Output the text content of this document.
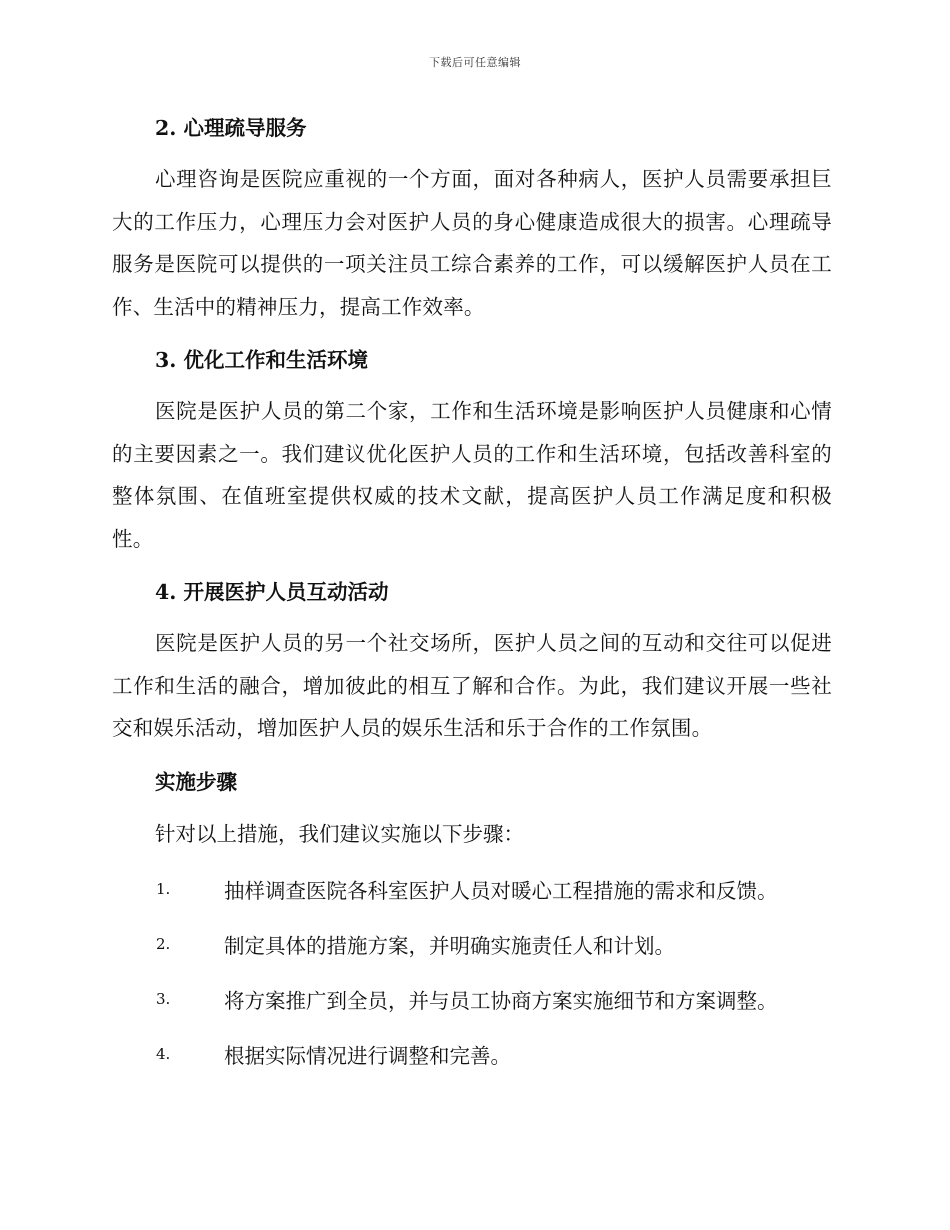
下载后可任意编辑
2. 心理疏导服务

心理咨询是医院应重视的一个方面，面对各种病人，医护人员需要承担巨大的工作压力，心理压力会对医护人员的身心健康造成很大的损害。心理疏导服务是医院可以提供的一项关注员工综合素养的工作，可以缓解医护人员在工作、生活中的精神压力，提高工作效率。

3. 优化工作和生活环境

医院是医护人员的第二个家，工作和生活环境是影响医护人员健康和心情的主要因素之一。我们建议优化医护人员的工作和生活环境，包括改善科室的整体氛围、在值班室提供权威的技术文献，提高医护人员工作满足度和积极性。

4. 开展医护人员互动活动

医院是医护人员的另一个社交场所，医护人员之间的互动和交往可以促进工作和生活的融合，增加彼此的相互了解和合作。为此，我们建议开展一些社交和娱乐活动，增加医护人员的娱乐生活和乐于合作的工作氛围。

实施步骤
针对以上措施，我们建议实施以下步骤：
1.	抽样调查医院各科室医护人员对暖心工程措施的需求和反馈。
2.	制定具体的措施方案，并明确实施责任人和计划。
3.	将方案推广到全员，并与员工协商方案实施细节和方案调整。
4.	根据实际情况进行调整和完善。
